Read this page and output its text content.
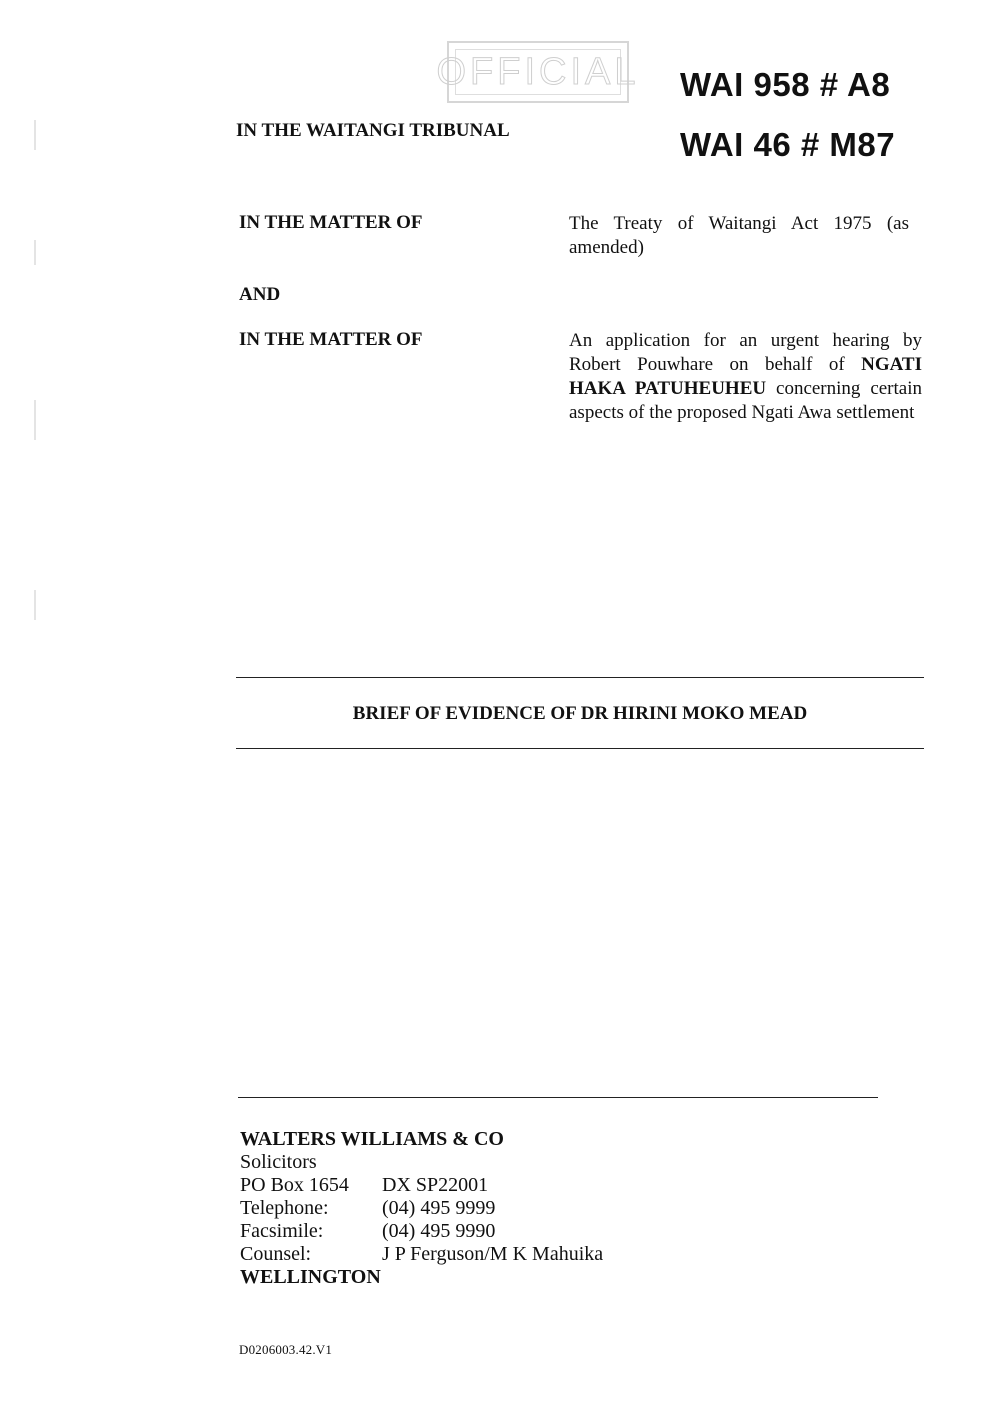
OFFICIAL WAI 958 # A8
WAI 46 # M87
IN THE WAITANGI TRIBUNAL
IN THE MATTER OF	The Treaty of Waitangi Act 1975 (as amended)
AND
IN THE MATTER OF	An application for an urgent hearing by Robert Pouwhare on behalf of NGATI HAKA PATUHEUHEU concerning certain aspects of the proposed Ngati Awa settlement
BRIEF OF EVIDENCE OF DR HIRINI MOKO MEAD
WALTERS WILLIAMS & CO
Solicitors
PO Box 1654 DX SP22001
Telephone:	(04) 495 9999
Facsimile:	(04) 495 9990
Counsel:	J P Ferguson/M K Mahuika
WELLINGTON
D0206003.42.V1
